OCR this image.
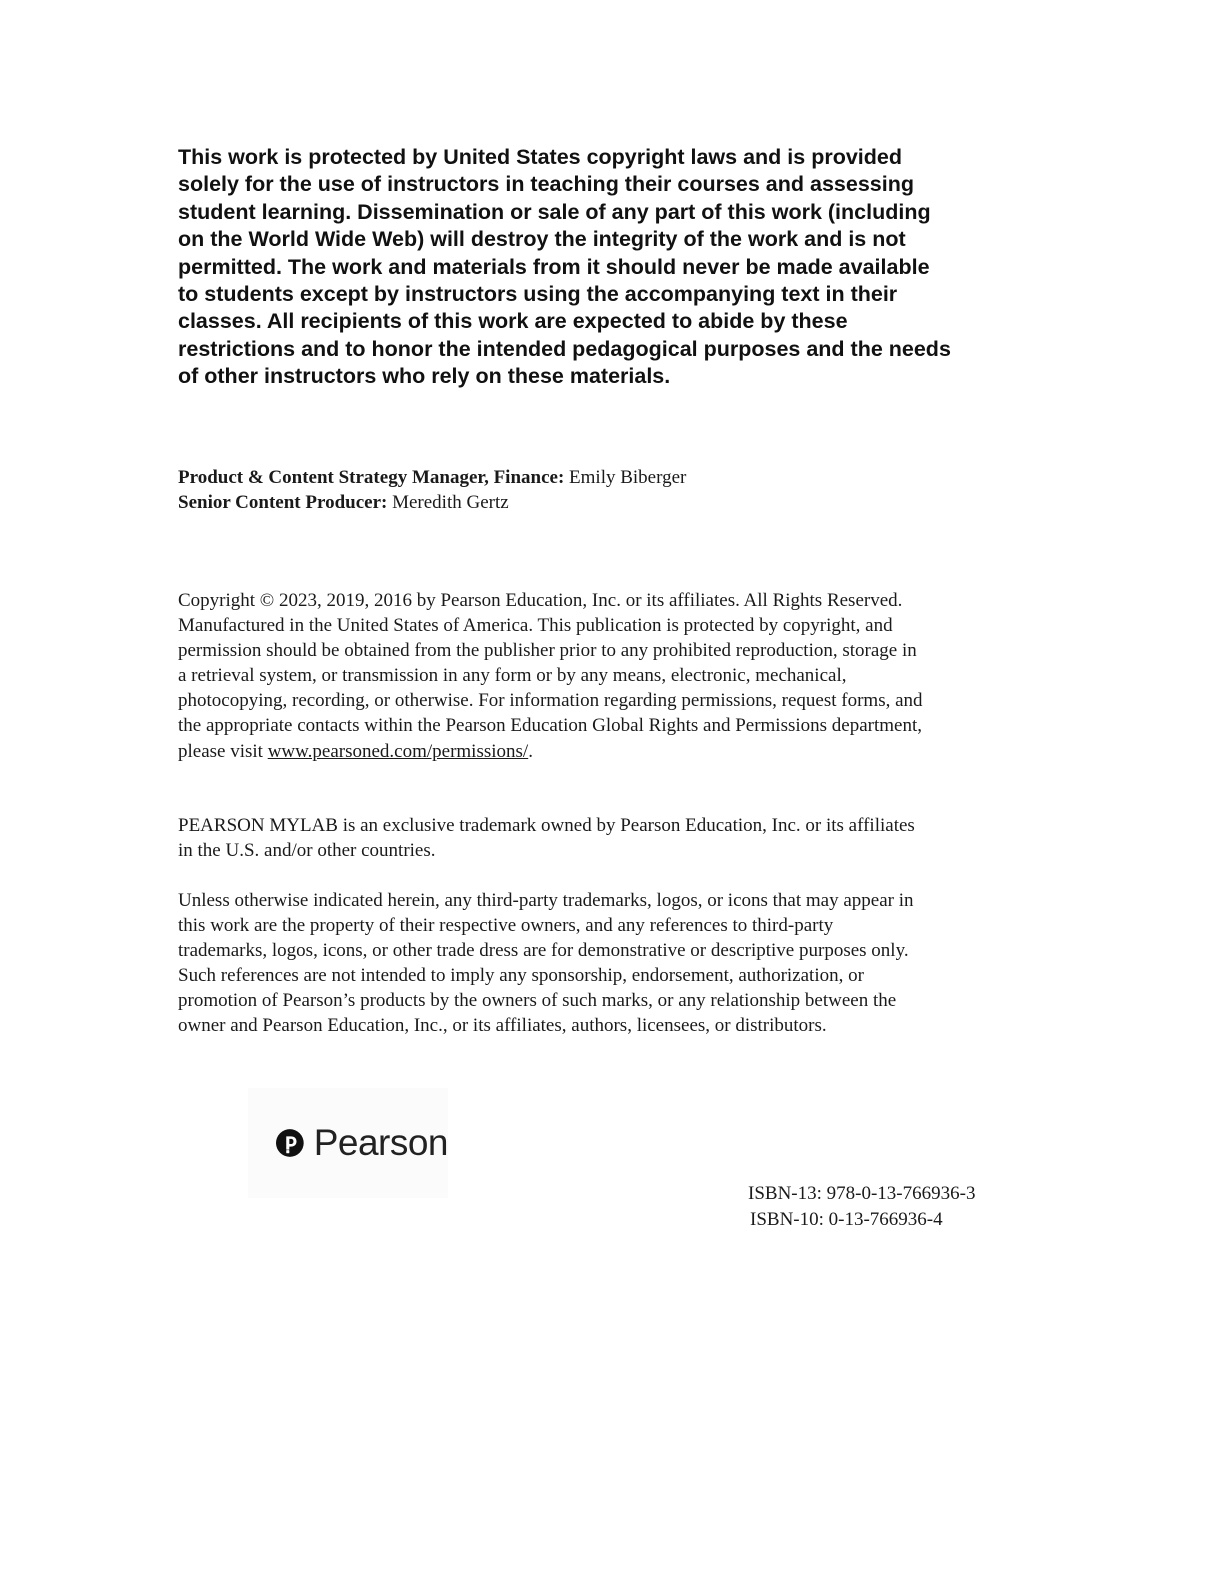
This work is protected by United States copyright laws and is provided
solely for the use of instructors in teaching their courses and assessing
student learning. Dissemination or sale of any part of this work (including
on the World Wide Web) will destroy the integrity of the work and is not
permitted. The work and materials from it should never be made available
to students except by instructors using the accompanying text in their
classes. All recipients of this work are expected to abide by these
restrictions and to honor the intended pedagogical purposes and the needs
of other instructors who rely on these materials.
Product & Content Strategy Manager, Finance: Emily Biberger
Senior Content Producer: Meredith Gertz
Copyright © 2023, 2019, 2016 by Pearson Education, Inc. or its affiliates. All Rights Reserved.
Manufactured in the United States of America. This publication is protected by copyright, and
permission should be obtained from the publisher prior to any prohibited reproduction, storage in
a retrieval system, or transmission in any form or by any means, electronic, mechanical,
photocopying, recording, or otherwise. For information regarding permissions, request forms, and
the appropriate contacts within the Pearson Education Global Rights and Permissions department,
please visit www.pearsoned.com/permissions/.
PEARSON MYLAB is an exclusive trademark owned by Pearson Education, Inc. or its affiliates
in the U.S. and/or other countries.
Unless otherwise indicated herein, any third-party trademarks, logos, or icons that may appear in
this work are the property of their respective owners, and any references to third-party
trademarks, logos, icons, or other trade dress are for demonstrative or descriptive purposes only.
Such references are not intended to imply any sponsorship, endorsement, authorization, or
promotion of Pearson’s products by the owners of such marks, or any relationship between the
owner and Pearson Education, Inc., or its affiliates, authors, licensees, or distributors.
Pearson
ISBN-13: 978-0-13-766936-3
ISBN-10: 0-13-766936-4
